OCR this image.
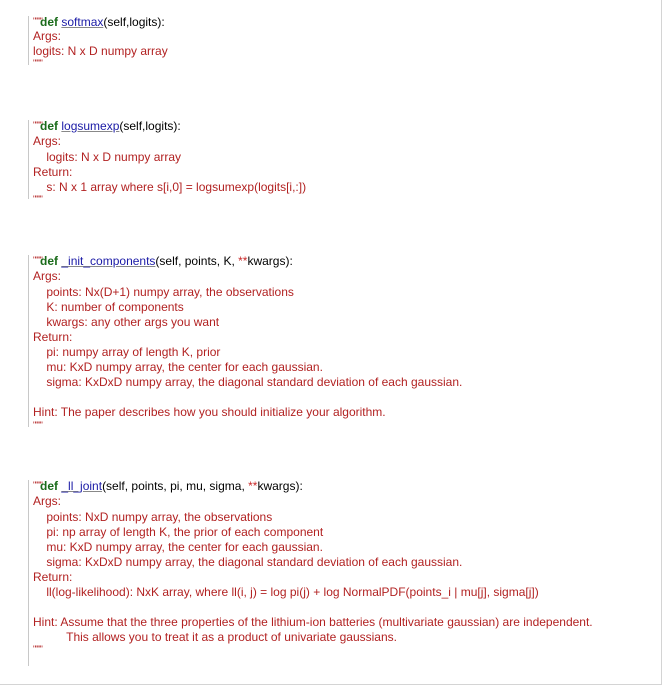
def softmax(self,logits):

""""
Args:
logits: N x D numpy array
""""

def logsumexp(self,logits):

""""
Args:
logits: N x D numpy array
Return:
s: N x 1 array where s[i,0] = logsumexp(logits[i,:])
""""

def _init_components(self, points, K, **kwargs):

""""
Args:
points: Nx(D+1) numpy array, the observations
K: number of components
kwargs: any other args you want
Return:
pi: numpy array of length K, prior
mu: KxD numpy array, the center for each gaussian.
sigma: KxDxD numpy array, the diagonal standard deviation of each gaussian.
Hint: The paper describes how you should initialize your algorithm.
""""

def _ll_joint(self, points, pi, mu, sigma, **kwargs):

""""
Args:
points: NxD numpy array, the observations
pi: np array of length K, the prior of each component
mu: KxD numpy array, the center for each gaussian.
sigma: KxDxD numpy array, the diagonal standard deviation of each gaussian.
Return:
ll(log-likelihood): NxK array, where ll(i, j) = log pi(j) + log NormalPDF(points_i | mu[j], sigma[j])
Hint: Assume that the three properties of the lithium-ion batteries (multivariate gaussian) are independent.
This allows you to treat it as a product of univariate gaussians.
""""
